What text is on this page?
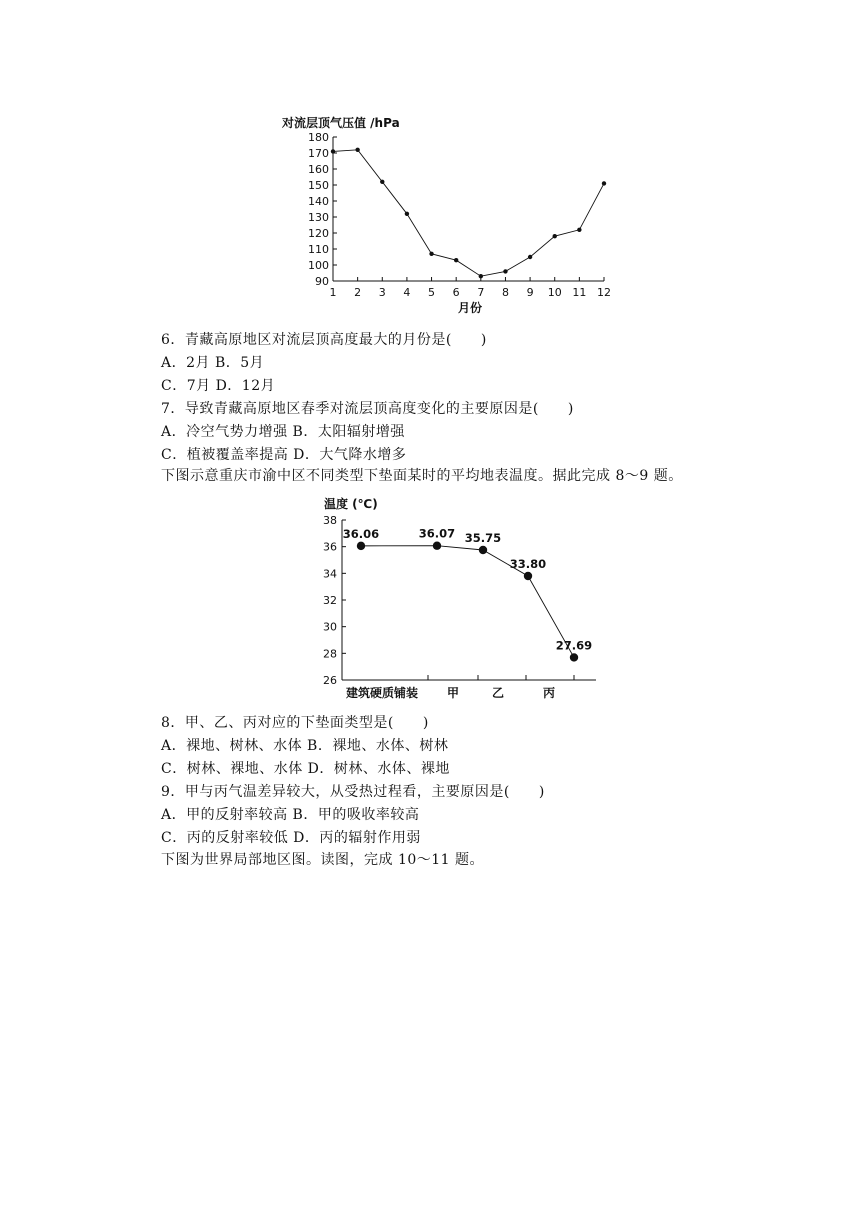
对流层顶气压值 /hPa
月份
90
100
110
120
130
140
150
160
170
180
1 2 3 4 5 6 7 8 9 10 11 12
6．青藏高原地区对流层顶高度最大的月份是(　　)
A．2月 B．5月
C．7月 D．12月
7．导致青藏高原地区春季对流层顶高度变化的主要原因是(　　)
A．冷空气势力增强 B．太阳辐射增强
C．植被覆盖率提高 D．大气降水增多
下图示意重庆市渝中区不同类型下垫面某时的平均地表温度。据此完成 8～9 题。
温度 (℃)
26
28
30
32
34
36
38
建筑硬质铺装 甲	乙	丙
36.06	36.07 35.75
33.80
27.69
8．甲、乙、丙对应的下垫面类型是(　　)
A．裸地、树林、水体 B．裸地、水体、树林
C．树林、裸地、水体 D．树林、水体、裸地
9．甲与丙气温差异较大，从受热过程看，主要原因是(　　)
A．甲的反射率较高 B．甲的吸收率较高
C．丙的反射率较低 D．丙的辐射作用弱
下图为世界局部地区图。读图，完成 10～11 题。
